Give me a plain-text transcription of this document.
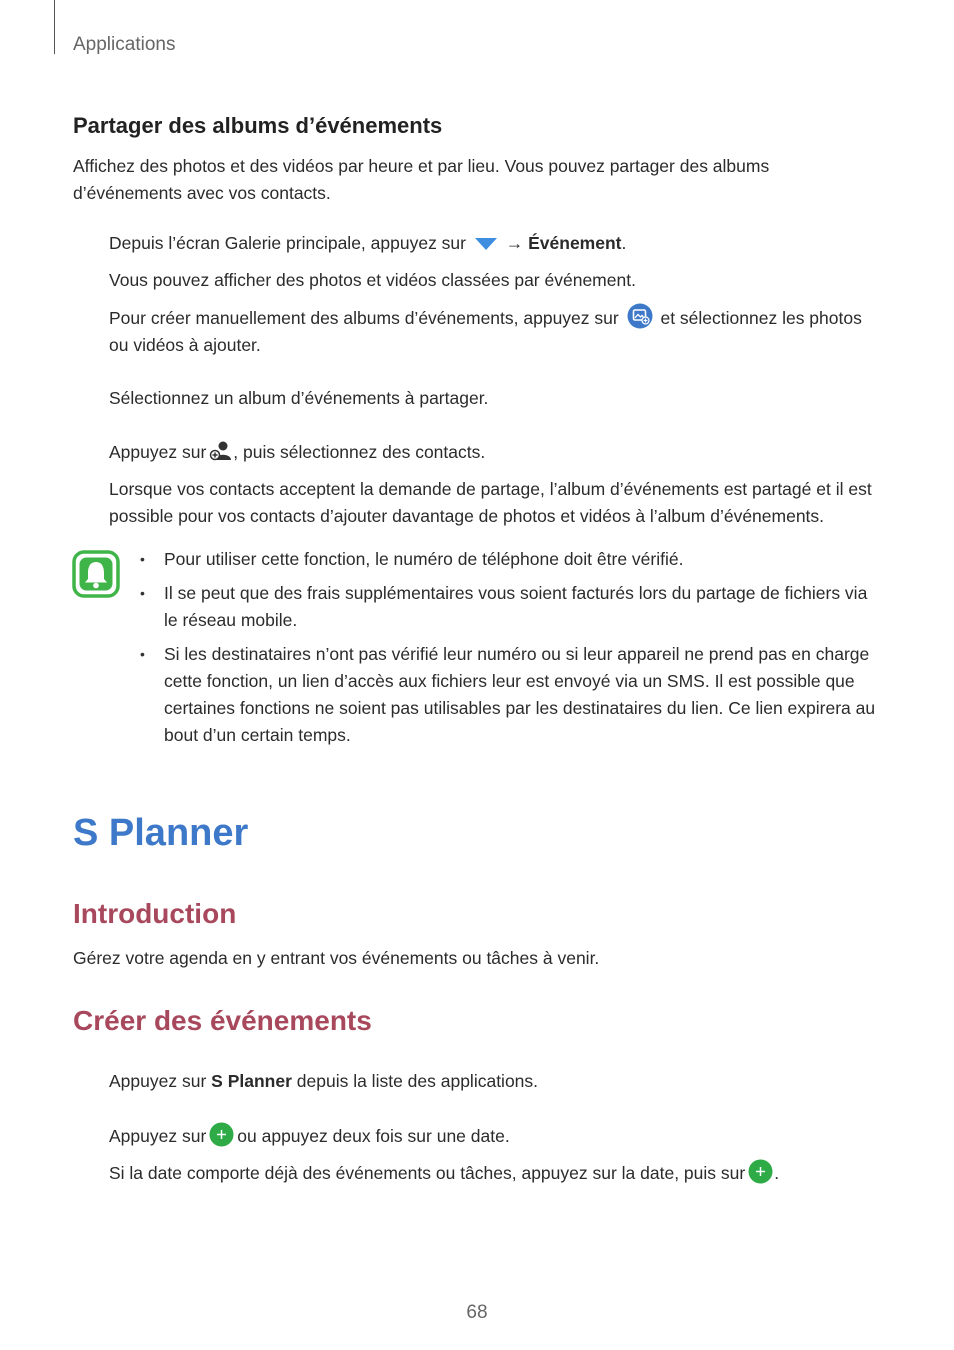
Applications
Partager des albums d’événements
Affichez des photos et des vidéos par heure et par lieu. Vous pouvez partager des albums d’événements avec vos contacts.
Depuis l’écran Galerie principale, appuyez sur → Événement.
Vous pouvez afficher des photos et vidéos classées par événement.
Pour créer manuellement des albums d’événements, appuyez sur et sélectionnez les photos ou vidéos à ajouter.
Sélectionnez un album d’événements à partager.
Appuyez sur , puis sélectionnez des contacts.
Lorsque vos contacts acceptent la demande de partage, l’album d’événements est partagé et il est possible pour vos contacts d’ajouter davantage de photos et vidéos à l’album d’événements.
• Pour utiliser cette fonction, le numéro de téléphone doit être vérifié.
• Il se peut que des frais supplémentaires vous soient facturés lors du partage de fichiers via le réseau mobile.
• Si les destinataires n’ont pas vérifié leur numéro ou si leur appareil ne prend pas en charge cette fonction, un lien d’accès aux fichiers leur est envoyé via un SMS. Il est possible que certaines fonctions ne soient pas utilisables par les destinataires du lien. Ce lien expirera au bout d’un certain temps.
S Planner
Introduction
Gérez votre agenda en y entrant vos événements ou tâches à venir.
Créer des événements
Appuyez sur S Planner depuis la liste des applications.
Appuyez sur ou appuyez deux fois sur une date.
Si la date comporte déjà des événements ou tâches, appuyez sur la date, puis sur .
68
